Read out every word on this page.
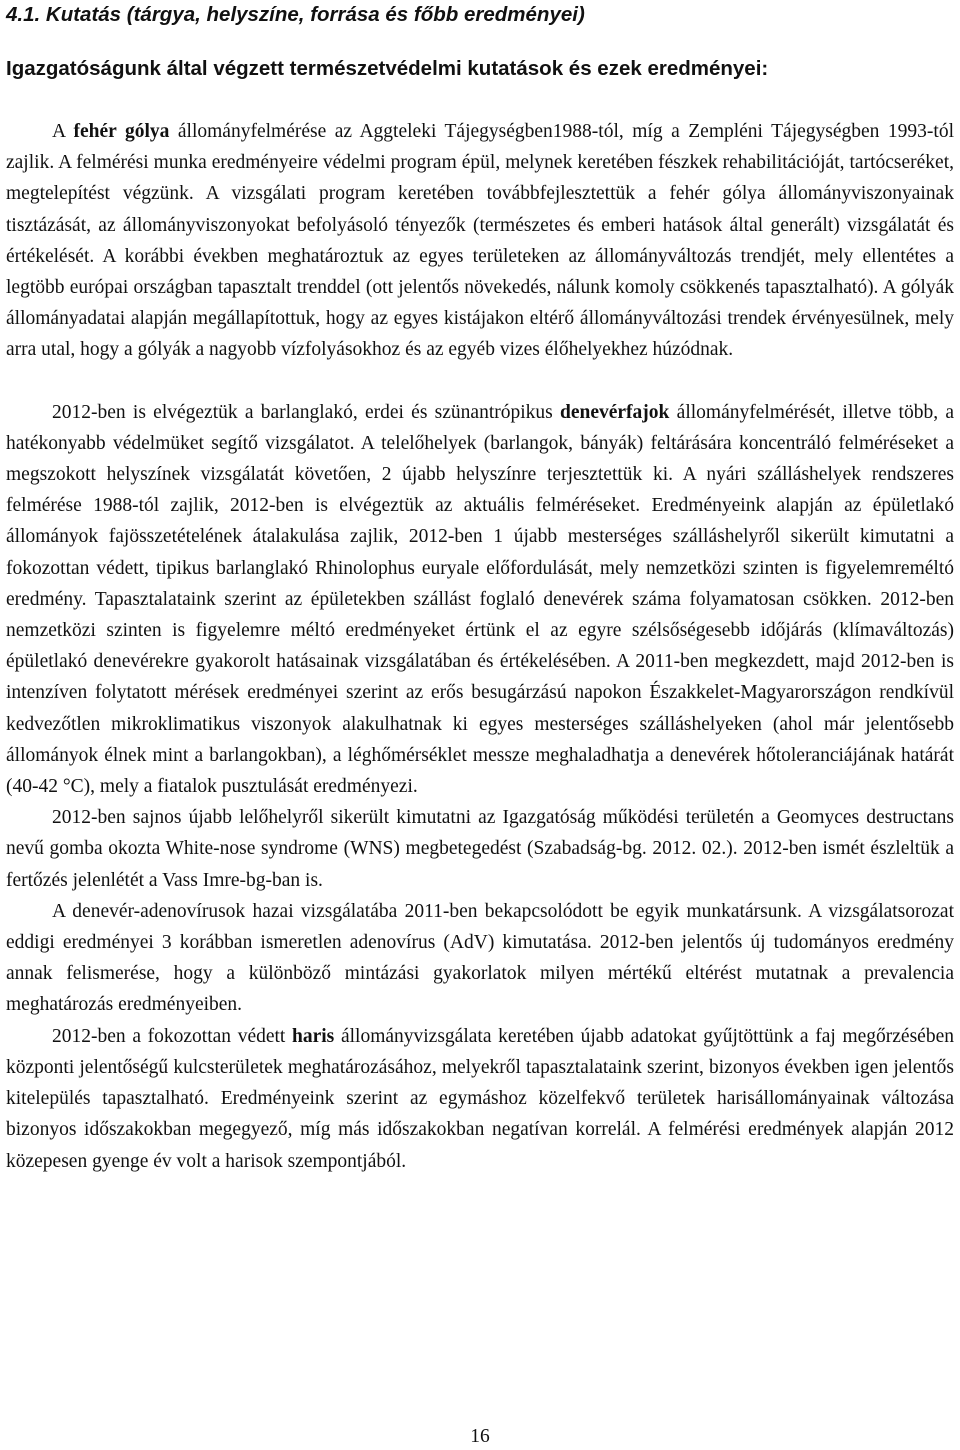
4.1. Kutatás (tárgya, helyszíne, forrása és főbb eredményei)
Igazgatóságunk által végzett természetvédelmi kutatások és ezek eredményei:

A fehér gólya állományfelmérése az Aggteleki Tájegységben1988-tól, míg a Zempléni Tájegységben 1993-tól zajlik. A felmérési munka eredményeire védelmi program épül, melynek keretében fészkek rehabilitációját, tartócseréket, megtelepítést végzünk. A vizsgálati program keretében továbbfejlesztettük a fehér gólya állományviszonyainak tisztázását, az állományviszonyokat befolyásoló tényezők (természetes és emberi hatások által generált) vizsgálatát és értékelését. A korábbi években meghatároztuk az egyes területeken az állományváltozás trendjét, mely ellentétes a legtöbb európai országban tapasztalt trenddel (ott jelentős növekedés, nálunk komoly csökkenés tapasztalható). A gólyák állományadatai alapján megállapítottuk, hogy az egyes kistájakon eltérő állományváltozási trendek érvényesülnek, mely arra utal, hogy a gólyák a nagyobb vízfolyásokhoz és az egyéb vizes élőhelyekhez húzódnak.

2012-ben is elvégeztük a barlanglakó, erdei és szünantrópikus denevérfajok állományfelmérését, illetve több, a hatékonyabb védelmüket segítő vizsgálatot. A telelőhelyek (barlangok, bányák) feltárására koncentráló felméréseket a megszokott helyszínek vizsgálatát követően, 2 újabb helyszínre terjesztettük ki. A nyári szálláshelyek rendszeres felmérése 1988-tól zajlik, 2012-ben is elvégeztük az aktuális felméréseket. Eredményeink alapján az épületlakó állományok fajösszetételének átalakulása zajlik, 2012-ben 1 újabb mesterséges szálláshelyről sikerült kimutatni a fokozottan védett, tipikus barlanglakó Rhinolophus euryale előfordulását, mely nemzetközi szinten is figyelemreméltó eredmény. Tapasztalataink szerint az épületekben szállást foglaló denevérek száma folyamatosan csökken. 2012-ben nemzetközi szinten is figyelemre méltó eredményeket értünk el az egyre szélsőségesebb időjárás (klímaváltozás) épületlakó denevérekre gyakorolt hatásainak vizsgálatában és értékelésében. A 2011-ben megkezdett, majd 2012-ben is intenzíven folytatott mérések eredményei szerint az erős besugárzású napokon Északkelet-Magyarországon rendkívül kedvezőtlen mikroklimatikus viszonyok alakulhatnak ki egyes mesterséges szálláshelyeken (ahol már jelentősebb állományok élnek mint a barlangokban), a léghőmérséklet messze meghaladhatja a denevérek hőtoleranciájának határát (40-42 °C), mely a fiatalok pusztulását eredményezi.

2012-ben sajnos újabb lelőhelyről sikerült kimutatni az Igazgatóság működési területén a Geomyces destructans nevű gomba okozta White-nose syndrome (WNS) megbetegedést (Szabadság-bg. 2012. 02.). 2012-ben ismét észleltük a fertőzés jelenlétét a Vass Imre-bg-ban is.

A denevér-adenovírusok hazai vizsgálatába 2011-ben bekapcsolódott be egyik munkatársunk. A vizsgálatsorozat eddigi eredményei 3 korábban ismeretlen adenovírus (AdV) kimutatása. 2012-ben jelentős új tudományos eredmény annak felismerése, hogy a különböző mintázási gyakorlatok milyen mértékű eltérést mutatnak a prevalencia meghatározás eredményeiben.

2012-ben a fokozottan védett haris állományvizsgálata keretében újabb adatokat gyűjtöttünk a faj megőrzésében központi jelentőségű kulcsterületek meghatározásához, melyekről tapasztalataink szerint, bizonyos években igen jelentős kitelepülés tapasztalható. Eredményeink szerint az egymáshoz közelfekvő területek harisállományainak változása bizonyos időszakokban megegyező, míg más időszakokban negatívan korrelál. A felmérési eredmények alapján 2012 közepesen gyenge év volt a harisok szempontjából.

16
